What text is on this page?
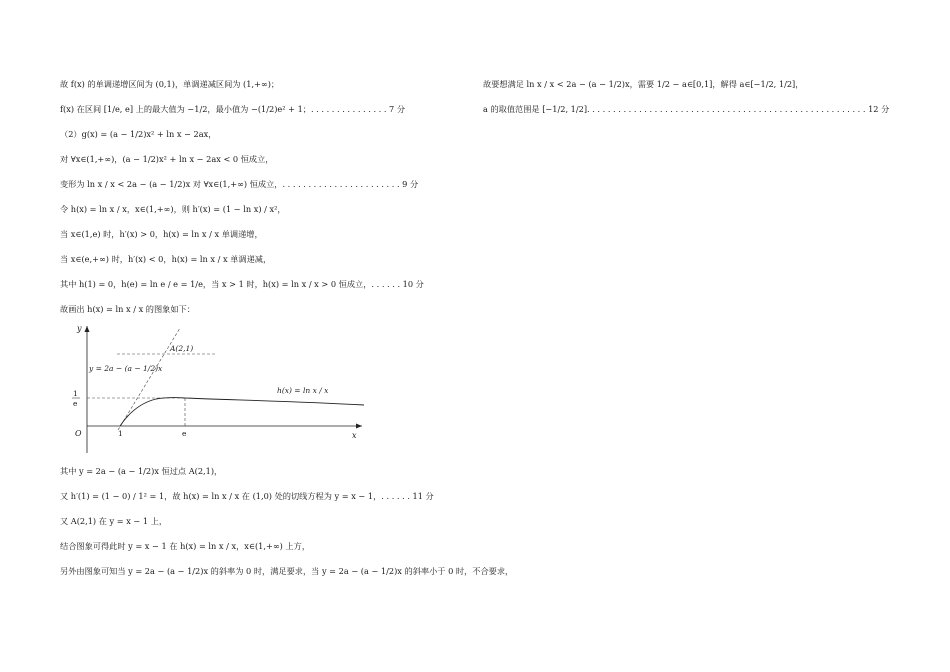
故 f(x) 的单调递增区间为 (0,1)，单调递减区间为 (1,+∞)；
f(x) 在区间 [1/e, e] 上的最大值为 −1/2，最小值为 −(1/2)e² + 1；. . . . . . . . . . . . . . . 7 分
（2）g(x) = (a − 1/2)x² + ln x − 2ax，
对 ∀x∈(1,+∞)，(a − 1/2)x² + ln x − 2ax < 0 恒成立，
变形为 ln x / x < 2a − (a − 1/2)x 对 ∀x∈(1,+∞) 恒成立，. . . . . . . . . . . . . . . . . . . . . . . 9 分
令 h(x) = ln x / x，x∈(1,+∞)，则 h′(x) = (1 − ln x) / x²，
当 x∈(1,e) 时，h′(x) > 0，h(x) = ln x / x 单调递增，
当 x∈(e,+∞) 时，h′(x) < 0，h(x) = ln x / x 单调递减，
其中 h(1) = 0，h(e) = ln e / e = 1/e，当 x > 1 时，h(x) = ln x / x > 0 恒成立，. . . . . . 10 分
故画出 h(x) = ln x / x 的图象如下：
y
x
O	1	e
1
e
A(2,1)
y = 2a − (a − 1/2)x
h(x) = ln x / x
其中 y = 2a − (a − 1/2)x 恒过点 A(2,1)，
又 h′(1) = (1 − 0) / 1² = 1，故 h(x) = ln x / x 在 (1,0) 处的切线方程为 y = x − 1，. . . . . . 11 分
又 A(2,1) 在 y = x − 1 上，
结合图象可得此时 y = x − 1 在 h(x) = ln x / x，x∈(1,+∞) 上方，
另外由图象可知当 y = 2a − (a − 1/2)x 的斜率为 0 时，满足要求，当 y = 2a − (a − 1/2)x 的斜率小于 0 时，不合要求，
故要想满足 ln x / x < 2a − (a − 1/2)x，需要 1/2 − a∈[0,1]，解得 a∈[−1/2, 1/2]，
a 的取值范围是 [−1/2, 1/2]. . . . . . . . . . . . . . . . . . . . . . . . . . . . . . . . . . . . . . . . . . . . . . . . . . . . . . 12 分
